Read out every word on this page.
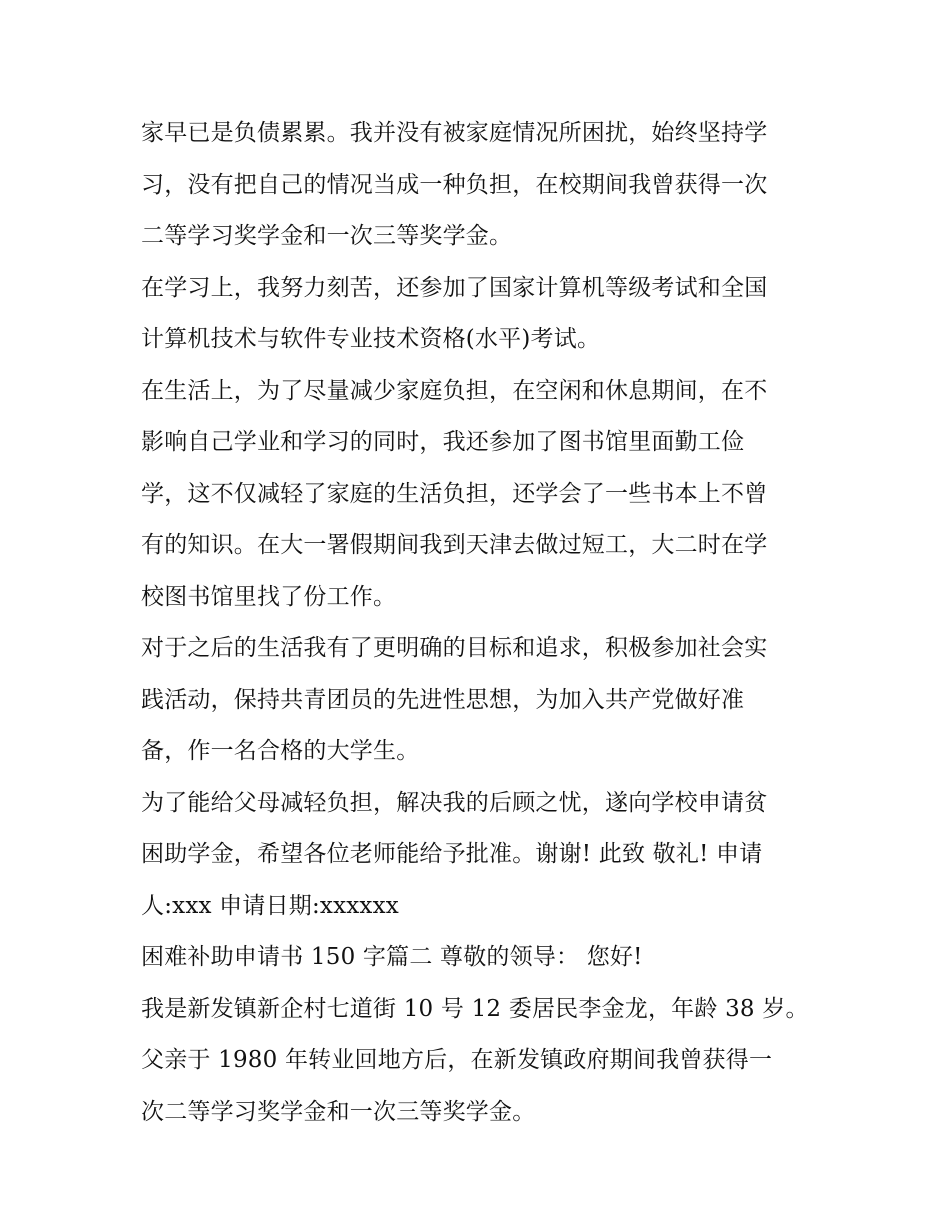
家早已是负债累累。我并没有被家庭情况所困扰，始终坚持学
习，没有把自己的情况当成一种负担，在校期间我曾获得一次
二等学习奖学金和一次三等奖学金。
在学习上，我努力刻苦，还参加了国家计算机等级考试和全国
计算机技术与软件专业技术资格(水平)考试。
在生活上，为了尽量减少家庭负担，在空闲和休息期间，在不
影响自己学业和学习的同时，我还参加了图书馆里面勤工俭
学，这不仅减轻了家庭的生活负担，还学会了一些书本上不曾
有的知识。在大一署假期间我到天津去做过短工，大二时在学
校图书馆里找了份工作。
对于之后的生活我有了更明确的目标和追求，积极参加社会实
践活动，保持共青团员的先进性思想，为加入共产党做好准
备，作一名合格的大学生。
为了能给父母减轻负担，解决我的后顾之忧，遂向学校申请贫
困助学金，希望各位老师能给予批准。谢谢! 此致 敬礼! 申请
人:xxx 申请日期:xxxxxx
困难补助申请书 150 字篇二 尊敬的领导： 您好!
我是新发镇新企村七道街 10 号 12 委居民李金龙，年龄 38 岁。
父亲于 1980 年转业回地方后，在新发镇政府期间我曾获得一
次二等学习奖学金和一次三等奖学金。
